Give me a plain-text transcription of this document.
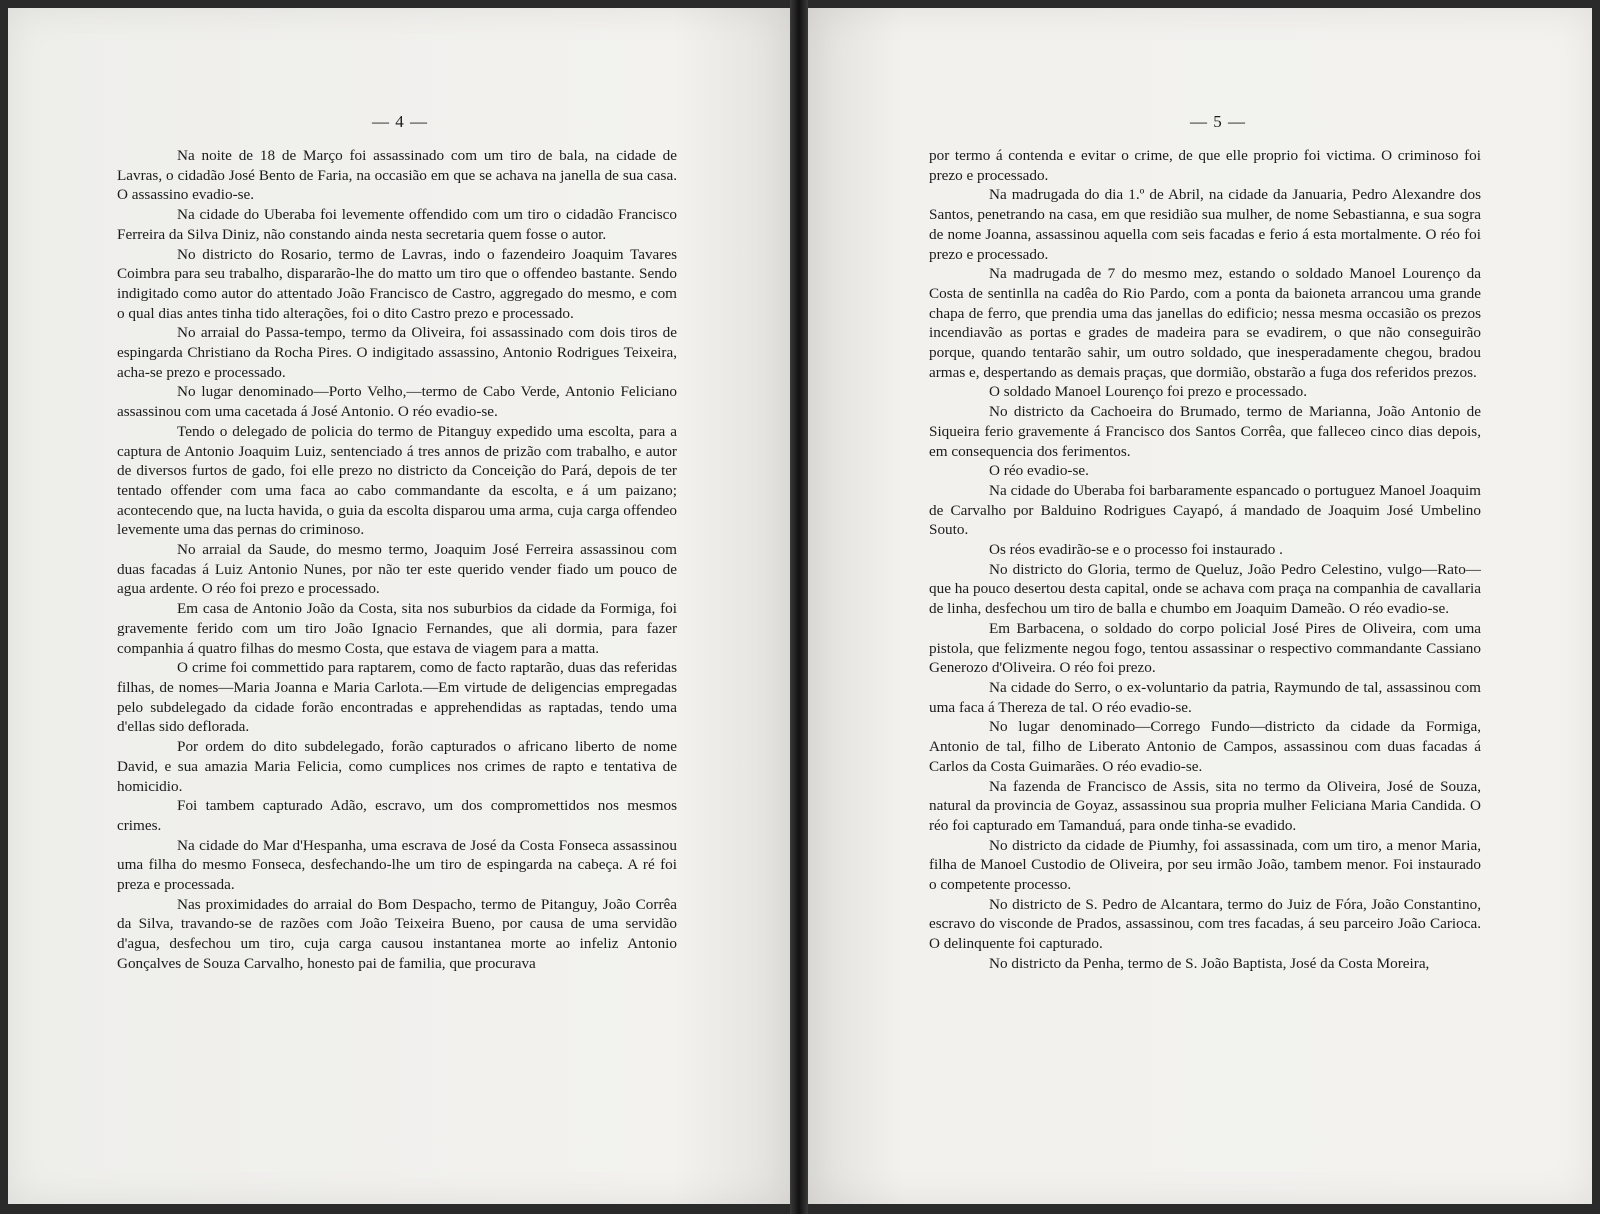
— 4 —

Na noite de 18 de Março foi assassinado com um tiro de bala, na cidade de Lavras, o cidadão José Bento de Faria, na occasião em que se achava na janella de sua casa. O assassino evadio-se.

Na cidade do Uberaba foi levemente offendido com um tiro o cidadão Francisco Ferreira da Silva Diniz, não constando ainda nesta secretaria quem fosse o autor.

No districto do Rosario, termo de Lavras, indo o fazendeiro Joaquim Tavares Coimbra para seu trabalho, dispararão-lhe do matto um tiro que o offendeo bastante. Sendo indigitado como autor do attentado João Francisco de Castro, aggregado do mesmo, e com o qual dias antes tinha tido alterações, foi o dito Castro prezo e processado.

No arraial do Passa-tempo, termo da Oliveira, foi assassinado com dois tiros de espingarda Christiano da Rocha Pires. O indigitado assassino, Antonio Rodrigues Teixeira, acha-se prezo e processado.

No lugar denominado—Porto Velho,—termo de Cabo Verde, Antonio Feliciano assassinou com uma cacetada á José Antonio. O réo evadio-se.

Tendo o delegado de policia do termo de Pitanguy expedido uma escolta, para a captura de Antonio Joaquim Luiz, sentenciado á tres annos de prizão com trabalho, e autor de diversos furtos de gado, foi elle prezo no districto da Conceição do Pará, depois de ter tentado offender com uma faca ao cabo commandante da escolta, e á um paizano; acontecendo que, na lucta havida, o guia da escolta disparou uma arma, cuja carga offendeo levemente uma das pernas do criminoso.

No arraial da Saude, do mesmo termo, Joaquim José Ferreira assassinou com duas facadas á Luiz Antonio Nunes, por não ter este querido vender fiado um pouco de agua ardente. O réo foi prezo e processado.

Em casa de Antonio João da Costa, sita nos suburbios da cidade da Formiga, foi gravemente ferido com um tiro João Ignacio Fernandes, que ali dormia, para fazer companhia á quatro filhas do mesmo Costa, que estava de viagem para a matta.

O crime foi commettido para raptarem, como de facto raptarão, duas das referidas filhas, de nomes—Maria Joanna e Maria Carlota.—Em virtude de deligencias empregadas pelo subdelegado da cidade forão encontradas e apprehendidas as raptadas, tendo uma d'ellas sido deflorada.

Por ordem do dito subdelegado, forão capturados o africano liberto de nome David, e sua amazia Maria Felicia, como cumplices nos crimes de rapto e tentativa de homicidio.

Foi tambem capturado Adão, escravo, um dos compromettidos nos mesmos crimes.

Na cidade do Mar d'Hespanha, uma escrava de José da Costa Fonseca assassinou uma filha do mesmo Fonseca, desfechando-lhe um tiro de espingarda na cabeça. A ré foi preza e processada.

Nas proximidades do arraial do Bom Despacho, termo de Pitanguy, João Corrêa da Silva, travando-se de razões com João Teixeira Bueno, por causa de uma servidão d'agua, desfechou um tiro, cuja carga causou instantanea morte ao infeliz Antonio Gonçalves de Souza Carvalho, honesto pai de familia, que procurava

— 5 —

por termo á contenda e evitar o crime, de que elle proprio foi victima. O criminoso foi prezo e processado.

Na madrugada do dia 1.º de Abril, na cidade da Januaria, Pedro Alexandre dos Santos, penetrando na casa, em que residião sua mulher, de nome Sebastianna, e sua sogra de nome Joanna, assassinou aquella com seis facadas e ferio á esta mortalmente. O réo foi prezo e processado.

Na madrugada de 7 do mesmo mez, estando o soldado Manoel Lourenço da Costa de sentinlla na cadêa do Rio Pardo, com a ponta da baioneta arrancou uma grande chapa de ferro, que prendia uma das janellas do edificio; nessa mesma occasião os prezos incendiavão as portas e grades de madeira para se evadirem, o que não conseguirão porque, quando tentarão sahir, um outro soldado, que inesperadamente chegou, bradou armas e, despertando as demais praças, que dormião, obstarão a fuga dos referidos prezos.

O soldado Manoel Lourenço foi prezo e processado.

No districto da Cachoeira do Brumado, termo de Marianna, João Antonio de Siqueira ferio gravemente á Francisco dos Santos Corrêa, que falleceo cinco dias depois, em consequencia dos ferimentos.

O réo evadio-se.

Na cidade do Uberaba foi barbaramente espancado o portuguez Manoel Joaquim de Carvalho por Balduino Rodrigues Cayapó, á mandado de Joaquim José Umbelino Souto.

Os réos evadirão-se e o processo foi instaurado .

No districto do Gloria, termo de Queluz, João Pedro Celestino, vulgo—Rato—que ha pouco desertou desta capital, onde se achava com praça na companhia de cavallaria de linha, desfechou um tiro de balla e chumbo em Joaquim Dameão. O réo evadio-se.

Em Barbacena, o soldado do corpo policial José Pires de Oliveira, com uma pistola, que felizmente negou fogo, tentou assassinar o respectivo commandante Cassiano Generozo d'Oliveira. O réo foi prezo.

Na cidade do Serro, o ex-voluntario da patria, Raymundo de tal, assassinou com uma faca á Thereza de tal. O réo evadio-se.

No lugar denominado—Corrego Fundo—districto da cidade da Formiga, Antonio de tal, filho de Liberato Antonio de Campos, assassinou com duas facadas á Carlos da Costa Guimarães. O réo evadio-se.

Na fazenda de Francisco de Assis, sita no termo da Oliveira, José de Souza, natural da provincia de Goyaz, assassinou sua propria mulher Feliciana Maria Candida. O réo foi capturado em Tamanduá, para onde tinha-se evadido.

No districto da cidade de Piumhy, foi assassinada, com um tiro, a menor Maria, filha de Manoel Custodio de Oliveira, por seu irmão João, tambem menor. Foi instaurado o competente processo.

No districto de S. Pedro de Alcantara, termo do Juiz de Fóra, João Constantino, escravo do visconde de Prados, assassinou, com tres facadas, á seu parceiro João Carioca. O delinquente foi capturado.

No districto da Penha, termo de S. João Baptista, José da Costa Moreira,
